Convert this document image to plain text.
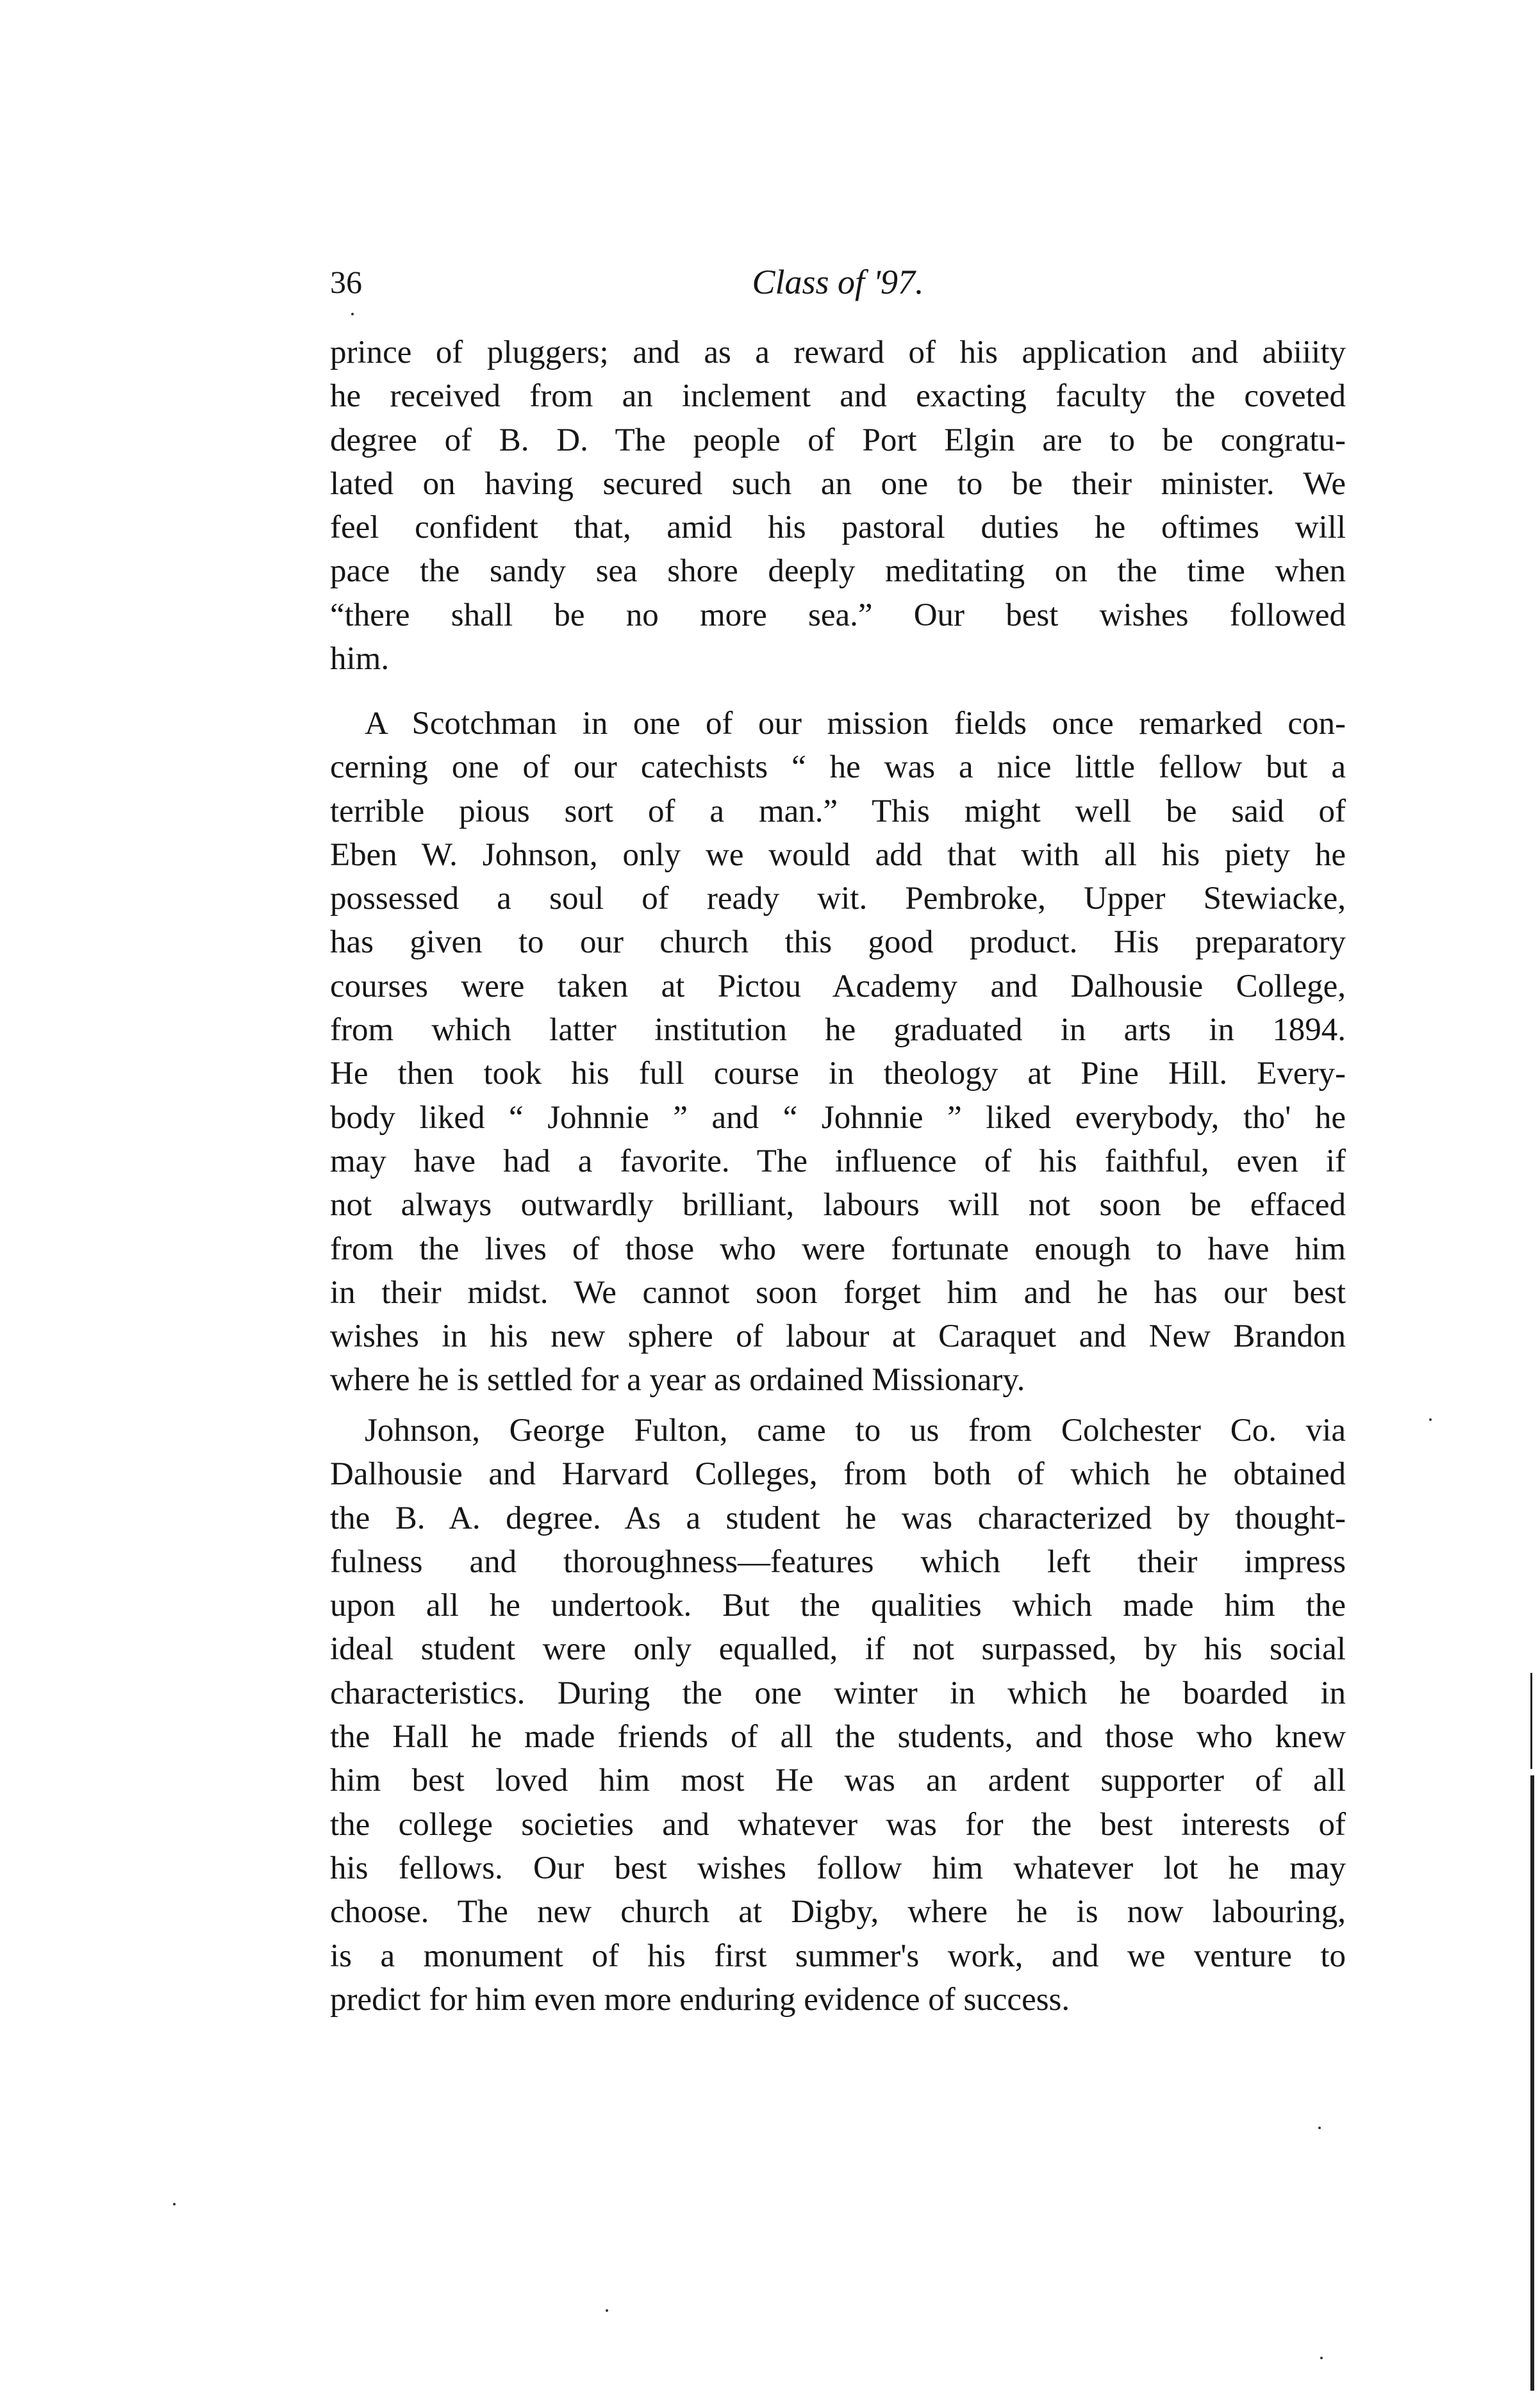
36	Class of '97.
prince of pluggers; and as a reward of his application and abiiity
he received from an inclement and exacting faculty the coveted
degree of B. D. The people of Port Elgin are to be congratu-
lated on having secured such an one to be their minister. We
feel confident that, amid his pastoral duties he oftimes will
pace the sandy sea shore deeply meditating on the time when
“there shall be no more sea.” Our best wishes followed
him.
A Scotchman in one of our mission fields once remarked con-
cerning one of our catechists “ he was a nice little fellow but a
terrible pious sort of a man.” This might well be said of
Eben W. Johnson, only we would add that with all his piety he
possessed a soul of ready wit. Pembroke, Upper Stewiacke,
has given to our church this good product. His preparatory
courses were taken at Pictou Academy and Dalhousie College,
from which latter institution he graduated in arts in 1894.
He then took his full course in theology at Pine Hill. Every-
body liked “ Johnnie ” and “ Johnnie ” liked everybody, tho' he
may have had a favorite. The influence of his faithful, even if
not always outwardly brilliant, labours will not soon be effaced
from the lives of those who were fortunate enough to have him
in their midst. We cannot soon forget him and he has our best
wishes in his new sphere of labour at Caraquet and New Brandon
where he is settled for a year as ordained Missionary.
Johnson, George Fulton, came to us from Colchester Co. via
Dalhousie and Harvard Colleges, from both of which he obtained
the B. A. degree. As a student he was characterized by thought-
fulness and thoroughness—features which left their impress
upon all he undertook. But the qualities which made him the
ideal student were only equalled, if not surpassed, by his social
characteristics. During the one winter in which he boarded in
the Hall he made friends of all the students, and those who knew
him best loved him most He was an ardent supporter of all
the college societies and whatever was for the best interests of
his fellows. Our best wishes follow him whatever lot he may
choose. The new church at Digby, where he is now labouring,
is a monument of his first summer's work, and we venture to
predict for him even more enduring evidence of success.
